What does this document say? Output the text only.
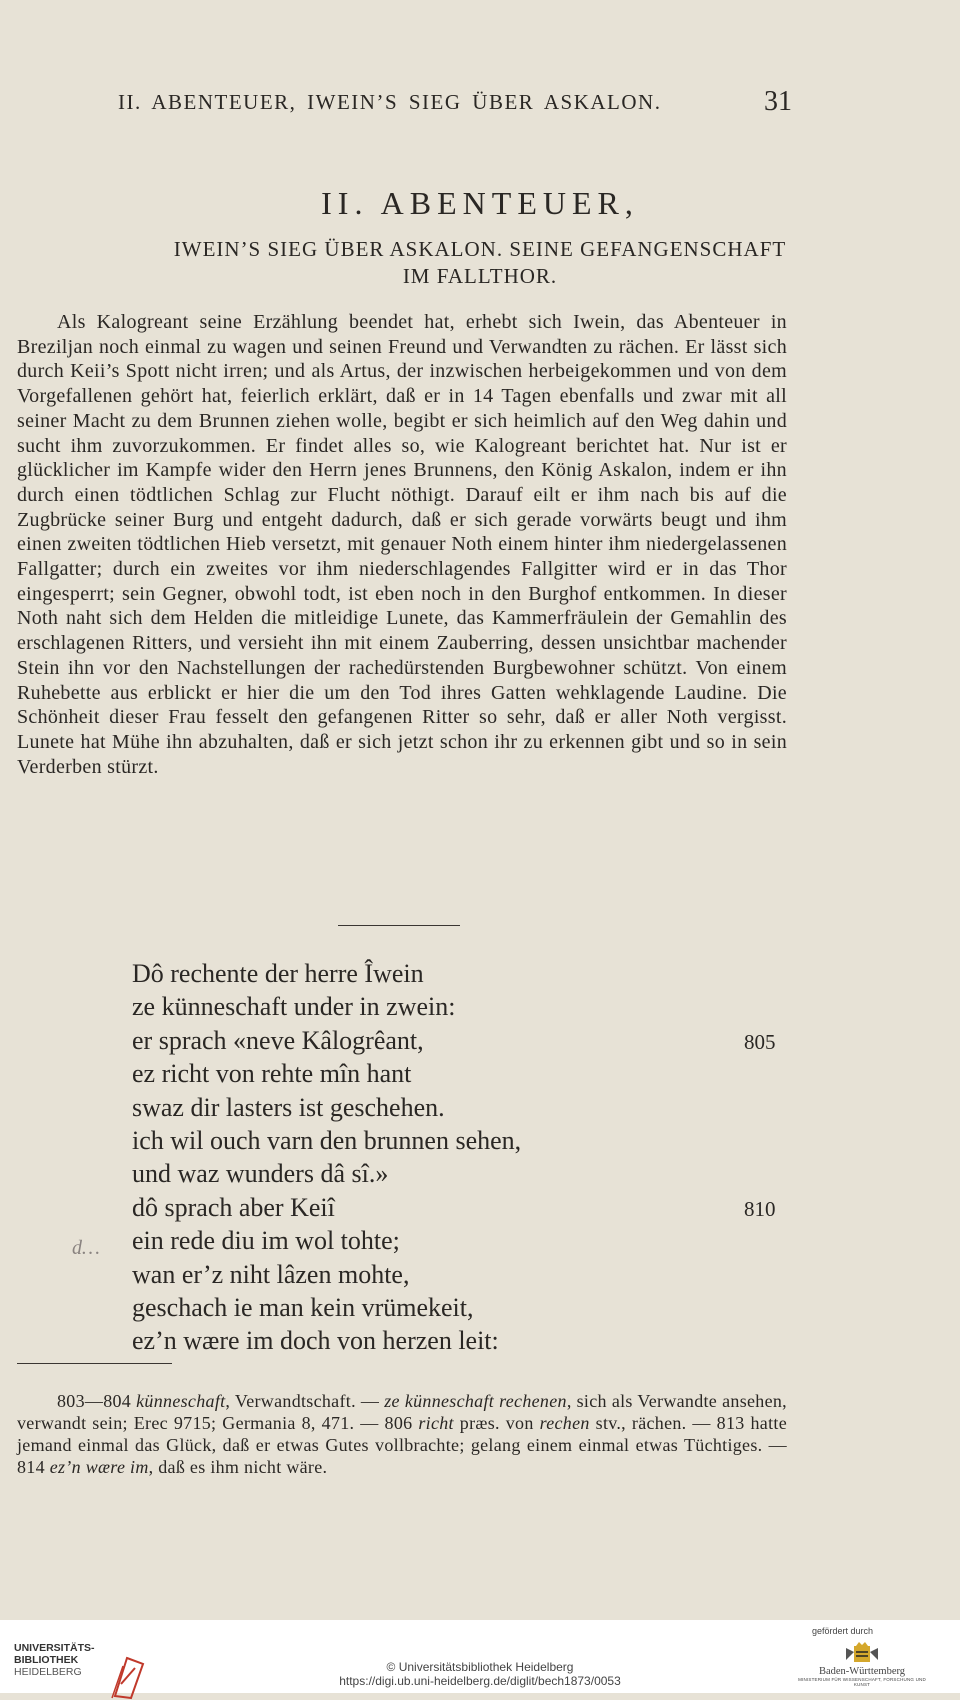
II. ABENTEUER, IWEIN’S SIEG ÜBER ASKALON.	31
II. ABENTEUER,
IWEIN’S SIEG ÜBER ASKALON. SEINE GEFANGENSCHAFT
IM FALLTHOR.

Als Kalogreant seine Erzählung beendet hat, erhebt sich Iwein, das Abenteuer in Breziljan noch einmal zu wagen und seinen Freund und Verwandten zu rächen. Er lässt sich durch Keii’s Spott nicht irren; und als Artus, der inzwischen herbeigekommen und von dem Vorgefallenen gehört hat, feierlich erklärt, daß er in 14 Tagen ebenfalls und zwar mit all seiner Macht zu dem Brunnen ziehen wolle, begibt er sich heimlich auf den Weg dahin und sucht ihm zuvorzukommen. Er findet alles so, wie Kalogreant berichtet hat. Nur ist er glücklicher im Kampfe wider den Herrn jenes Brunnens, den König Askalon, indem er ihn durch einen tödtlichen Schlag zur Flucht nöthigt. Darauf eilt er ihm nach bis auf die Zugbrücke seiner Burg und entgeht dadurch, daß er sich gerade vorwärts beugt und ihm einen zweiten tödtlichen Hieb versetzt, mit genauer Noth einem hinter ihm niedergelassenen Fallgatter; durch ein zweites vor ihm niederschlagendes Fallgitter wird er in das Thor eingesperrt; sein Gegner, obwohl todt, ist eben noch in den Burghof entkommen. In dieser Noth naht sich dem Helden die mitleidige Lunete, das Kammerfräulein der Gemahlin des erschlagenen Ritters, und versieht ihn mit einem Zauberring, dessen unsichtbar machender Stein ihn vor den Nachstellungen der rachedürstenden Burgbewohner schützt. Von einem Ruhebette aus erblickt er hier die um den Tod ihres Gatten wehklagende Laudine. Die Schönheit dieser Frau fesselt den gefangenen Ritter so sehr, daß er aller Noth vergisst. Lunete hat Mühe ihn abzuhalten, daß er sich jetzt schon ihr zu erkennen gibt und so in sein Verderben stürzt.

Dô rechente der herre Îwein
ze künneschaft under in zwein:
er sprach «neve Kâlogrêant,	805
ez richt von rehte mîn hant
swaz dir lasters ist geschehen.
ich wil ouch varn den brunnen sehen,
und waz wunders dâ sî.»
dô sprach aber Keiî	810
ein rede diu im wol tohte;
wan er’z niht lâzen mohte,
geschach ie man kein vrümekeit,
ez’n wære im doch von herzen leit:
d…

803—804 künneschaft, Verwandtschaft. — ze künneschaft rechenen, sich als Verwandte ansehen, verwandt sein; Erec 9715; Germania 8, 471. — 806 richt præs. von rechen stv., rächen. — 813 hatte jemand einmal das Glück, daß er etwas Gutes vollbrachte; gelang einem einmal etwas Tüchtiges. — 814 ez’n wære im, daß es ihm nicht wäre.

UNIVERSITÄTS-
BIBLIOTHEK
HEIDELBERG	© Universitätsbibliothek Heidelberg
https://digi.ub.uni-heidelberg.de/diglit/bech1873/0053
gefördert durch
Baden-Württemberg
MINISTERIUM FÜR WISSENSCHAFT, FORSCHUNG UND KUNST
